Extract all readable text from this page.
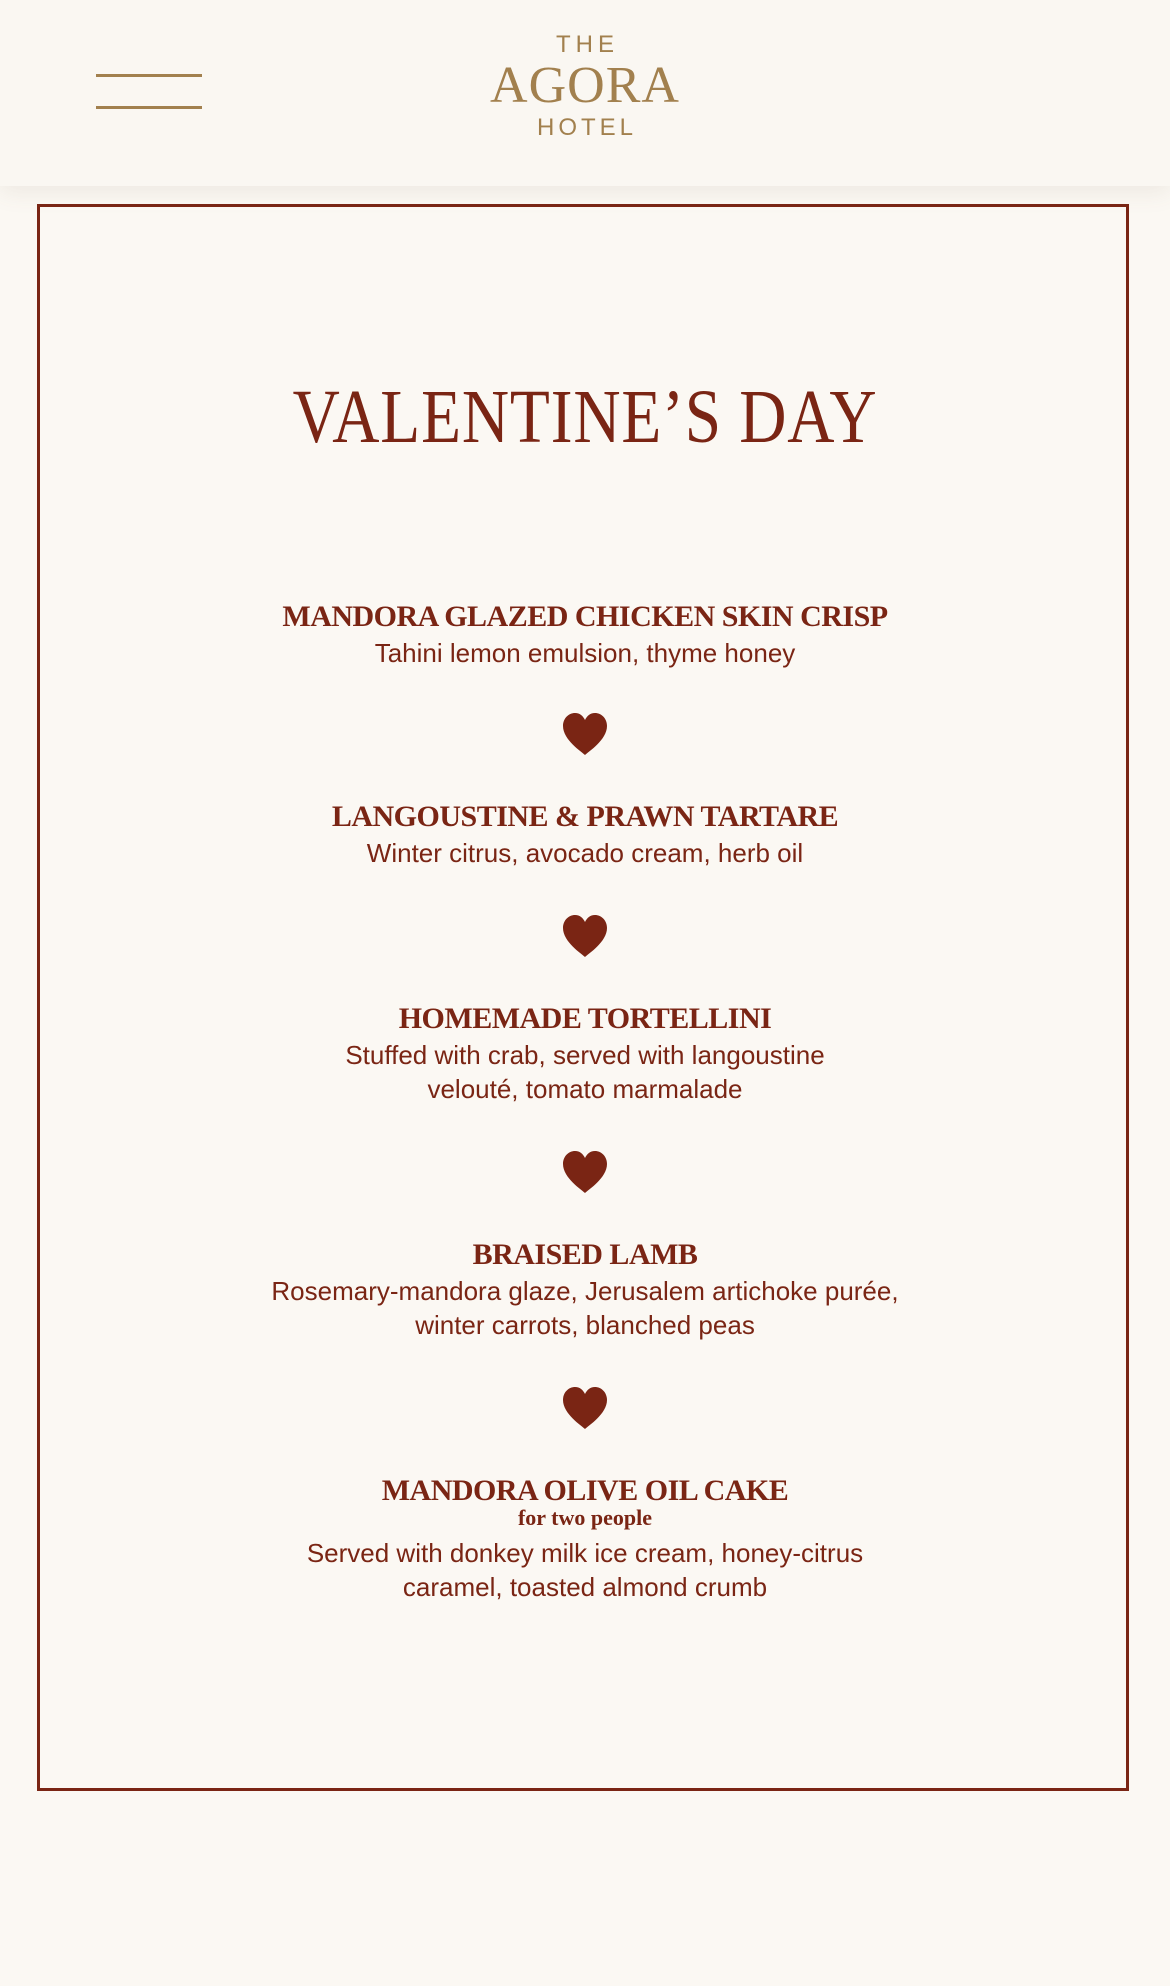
THE
AGORA
HOTEL
VALENTINE’S DAY
MANDORA GLAZED CHICKEN SKIN CRISP
Tahini lemon emulsion, thyme honey
LANGOUSTINE & PRAWN TARTARE
Winter citrus, avocado cream, herb oil
HOMEMADE TORTELLINI
Stuffed with crab, served with langoustine velouté, tomato marmalade
BRAISED LAMB
Rosemary-mandora glaze, Jerusalem artichoke purée, winter carrots, blanched peas
MANDORA OLIVE OIL CAKE
for two people
Served with donkey milk ice cream, honey-citrus caramel, toasted almond crumb
